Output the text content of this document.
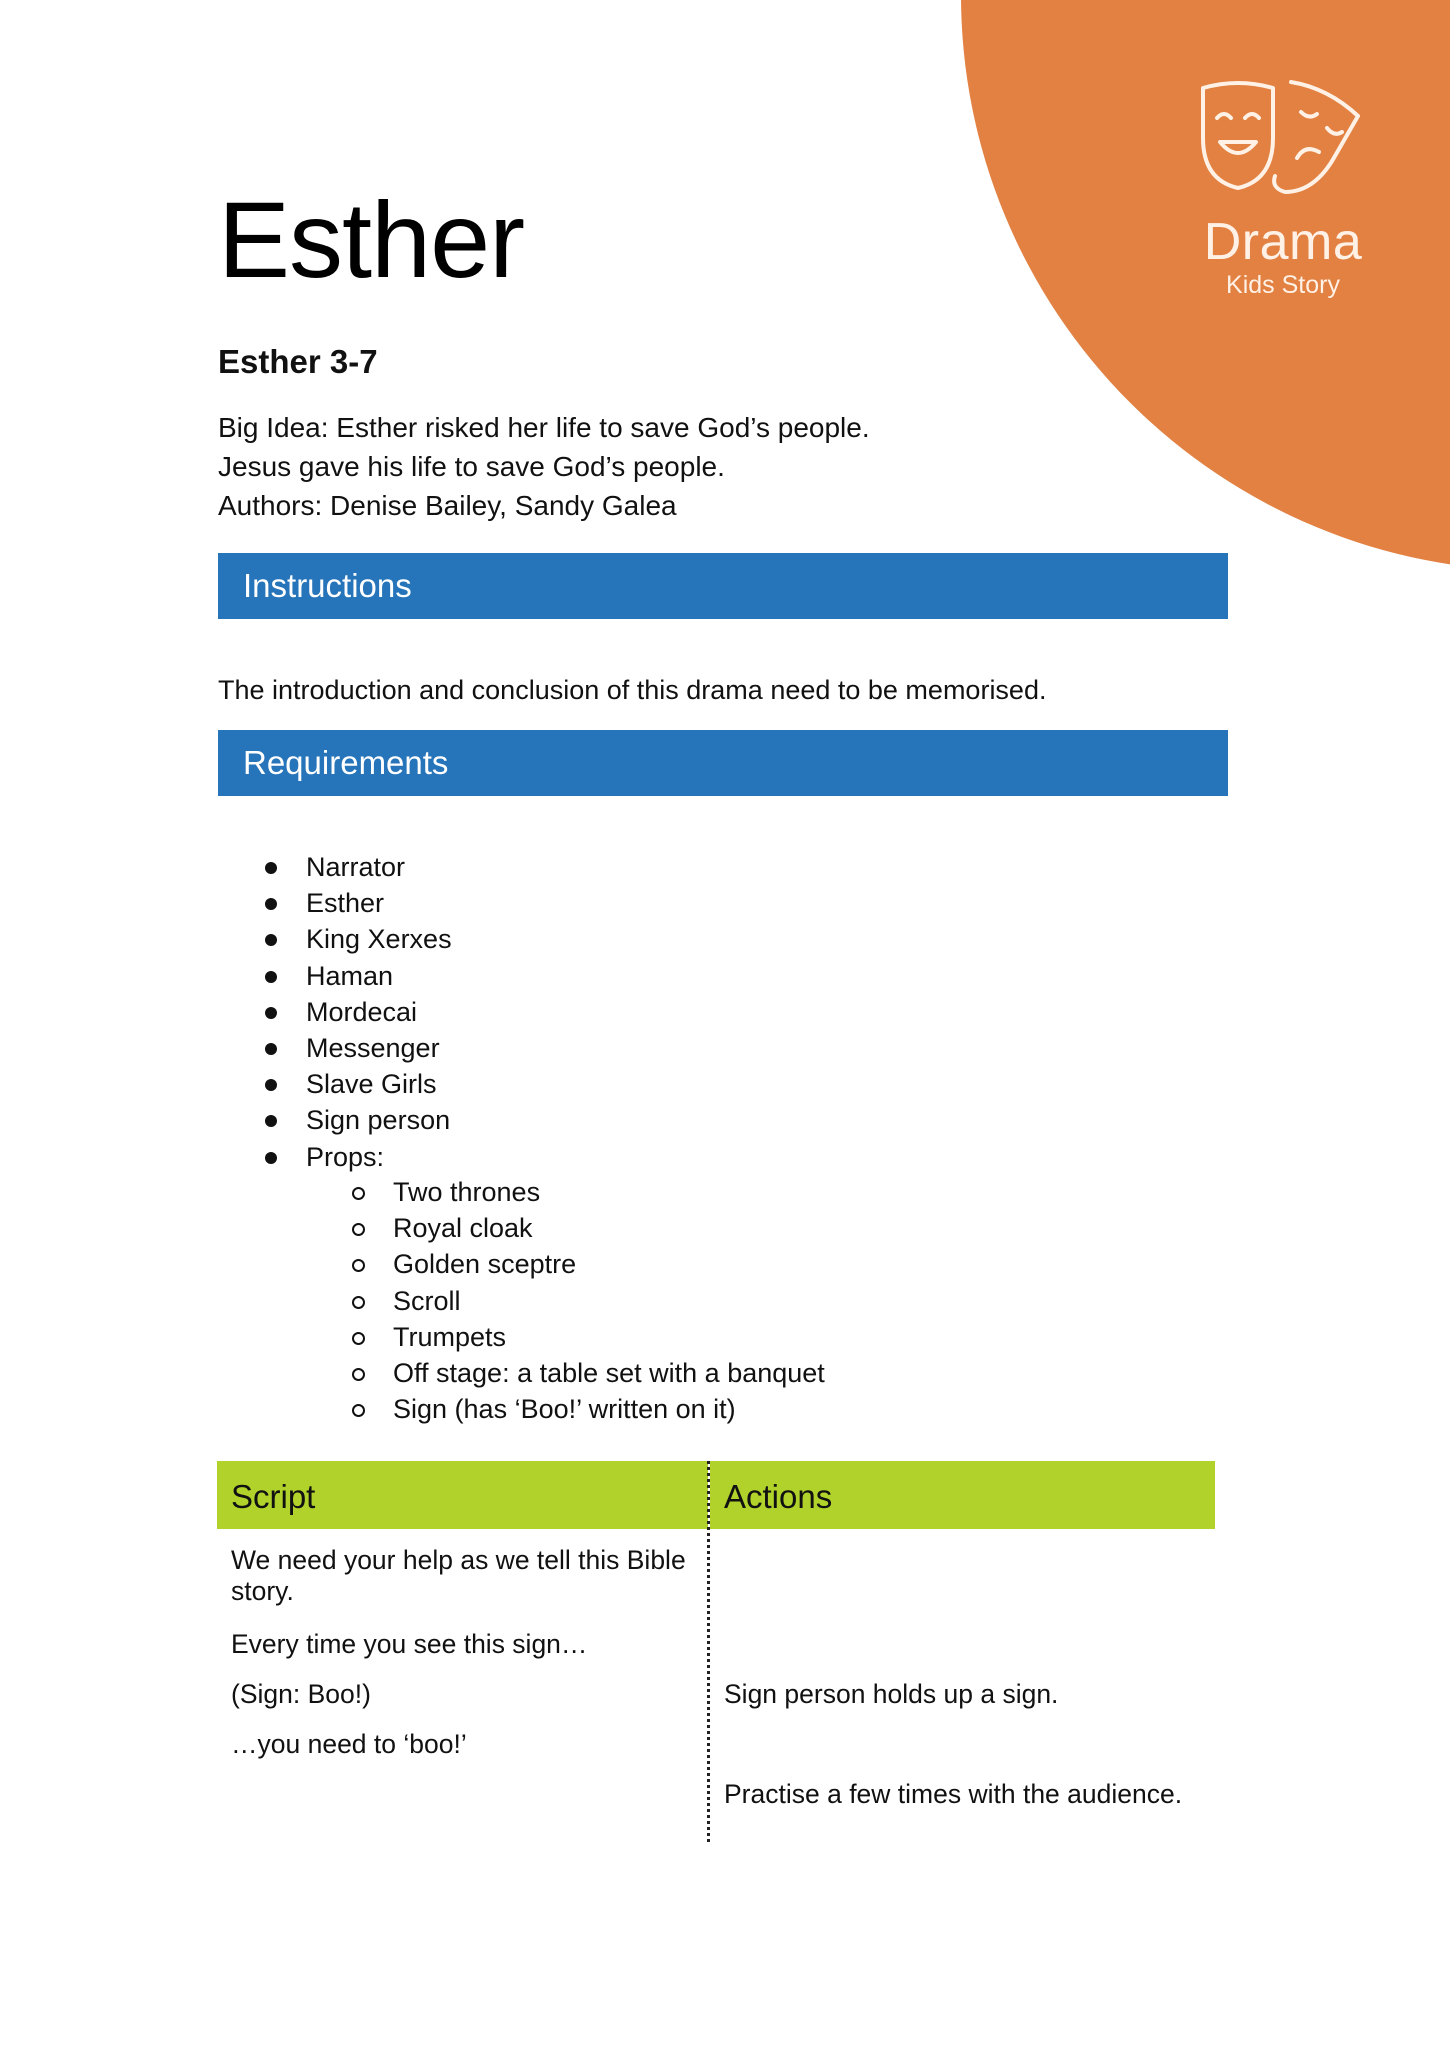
Drama
Kids Story
Esther
Esther 3-7
Big Idea: Esther risked her life to save God’s people.
Jesus gave his life to save God’s people.
Authors: Denise Bailey, Sandy Galea
Instructions
The introduction and conclusion of this drama need to be memorised.
Requirements
Narrator
Esther
King Xerxes
Haman
Mordecai
Messenger
Slave Girls
Sign person
Props:
Two thrones
Royal cloak
Golden sceptre
Scroll
Trumpets
Off stage: a table set with a banquet
Sign (has ‘Boo!’ written on it)
Script	Actions
We need your help as we tell this Bible story.
Every time you see this sign…
(Sign: Boo!)
…you need to ‘boo!’
Sign person holds up a sign.
Practise a few times with the audience.
